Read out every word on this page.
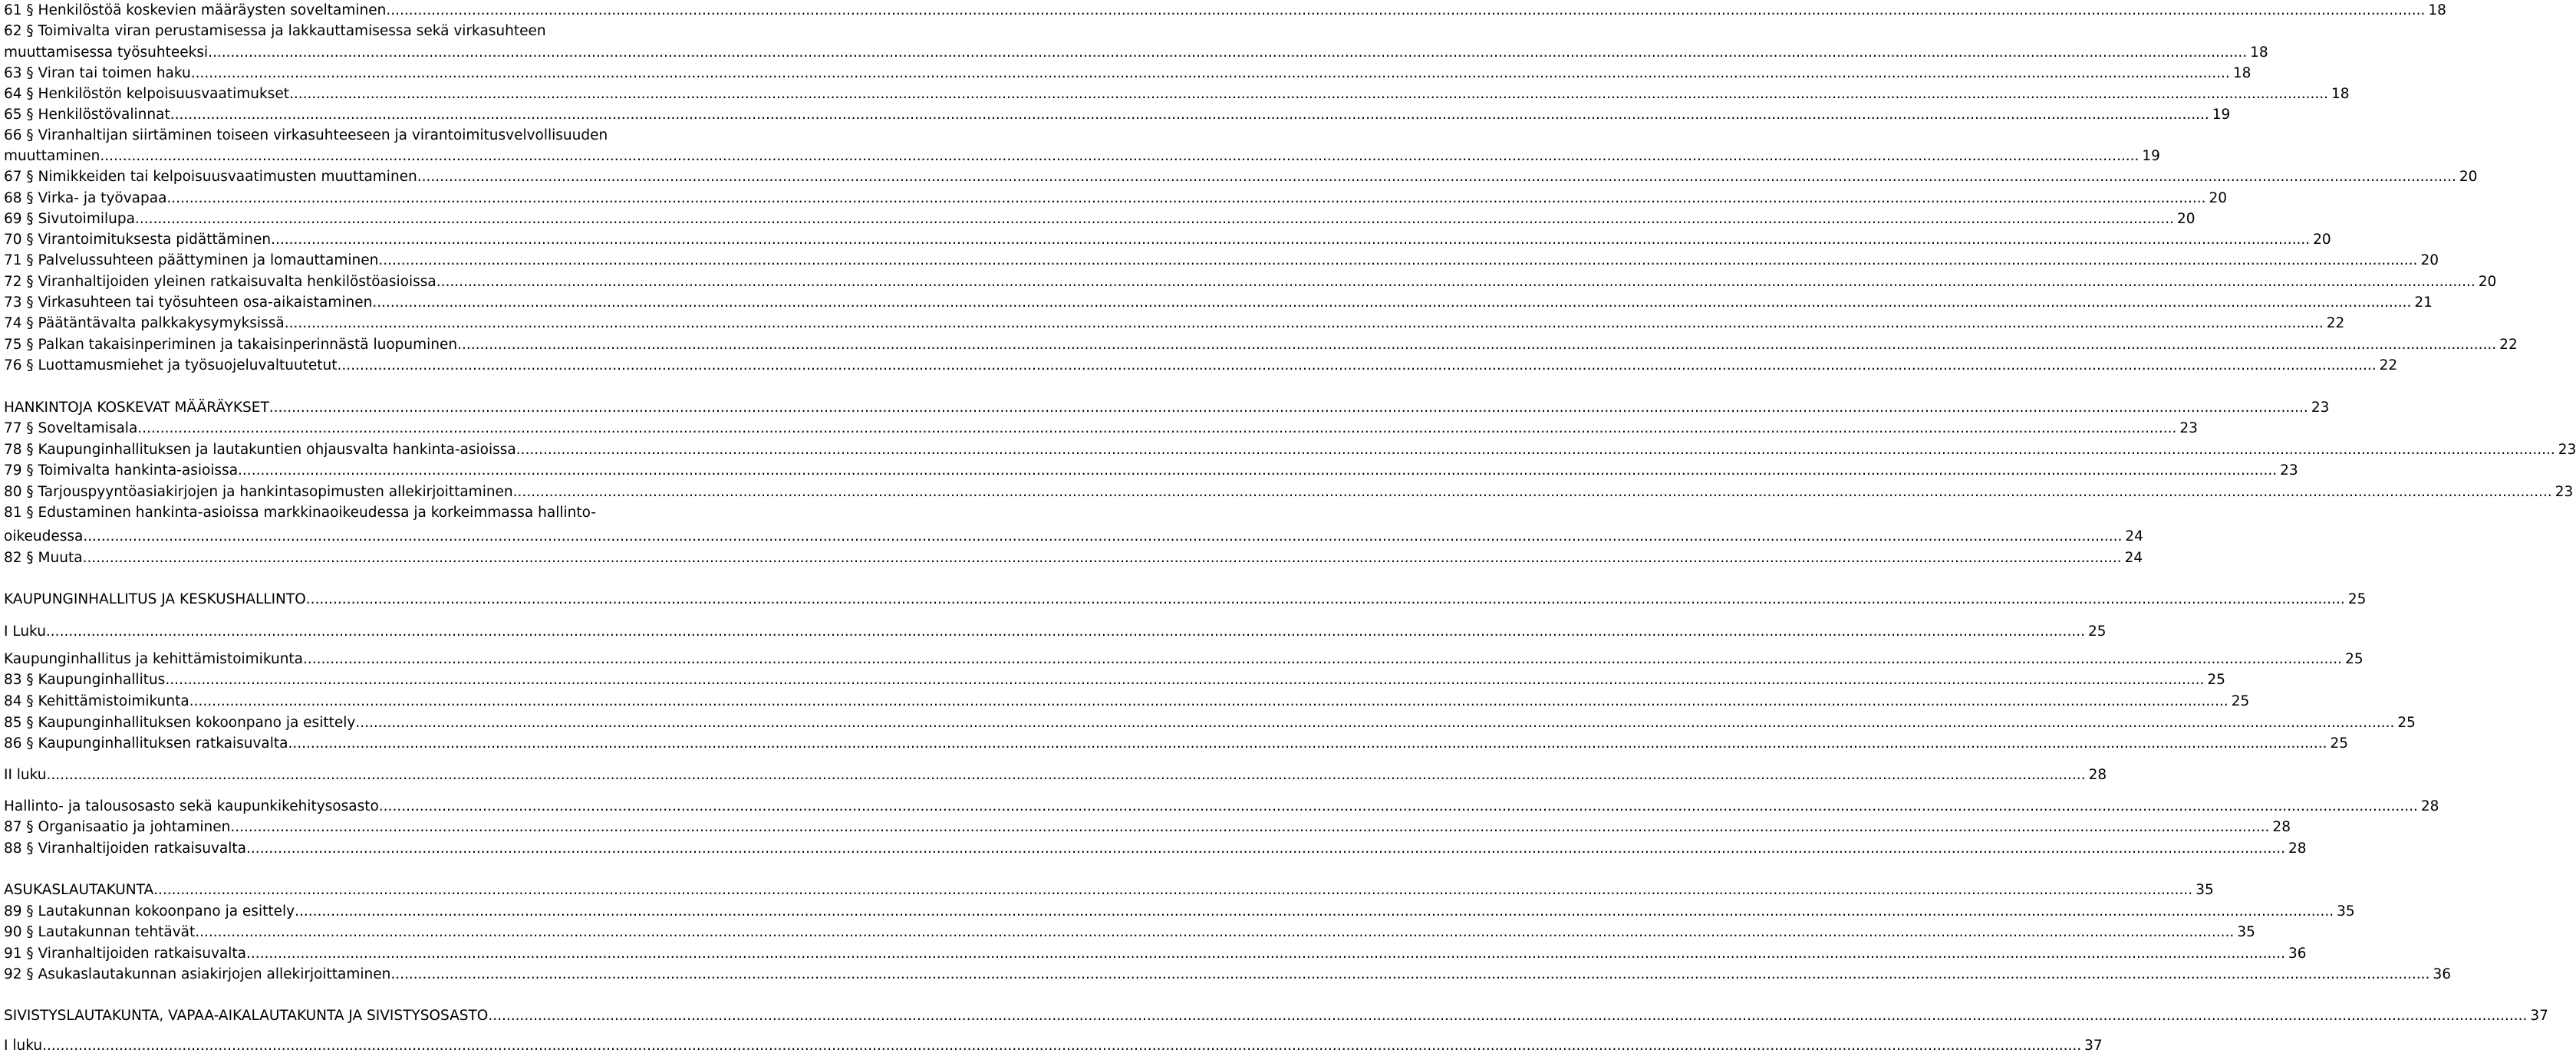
61 § Henkilöstöä koskevien määräysten soveltaminen .....	18
62 § Toimivalta viran perustamisessa ja lakkauttamisessa sekä virkasuhteen
muuttamisessa työsuhteeksi .....	18
63 § Viran tai toimen haku .....	18
64 § Henkilöstön kelpoisuusvaatimukset .....	18
65 § Henkilöstövalinnat .....	19
66 § Viranhaltijan siirtäminen toiseen virkasuhteeseen ja virantoimitusvelvollisuuden
muuttaminen .....	19
67 § Nimikkeiden tai kelpoisuusvaatimusten muuttaminen .....	20
68 § Virka- ja työvapaa .....	20
69 § Sivutoimilupa .....	20
70 § Virantoimituksesta pidättäminen .....	20
71 § Palvelussuhteen päättyminen ja lomauttaminen .....	20
72 § Viranhaltijoiden yleinen ratkaisuvalta henkilöstöasioissa .....	20
73 § Virkasuhteen tai työsuhteen osa-aikaistaminen .....	21
74 § Päätäntävalta palkkakysymyksissä .....	22
75 § Palkan takaisinperiminen ja takaisinperinnästä luopuminen .....	22
76 § Luottamusmiehet ja työsuojeluvaltuutetut .....	22
HANKINTOJA KOSKEVAT MÄÄRÄYKSET .....	23
77 § Soveltamisala .....	23
78 § Kaupunginhallituksen ja lautakuntien ohjausvalta hankinta-asioissa .....	23
79 § Toimivalta hankinta-asioissa .....	23
80 § Tarjouspyyntöasiakirjojen ja hankintasopimusten allekirjoittaminen .....	23
81 § Edustaminen hankinta-asioissa markkinaoikeudessa ja korkeimmassa hallinto-
oikeudessa .....	24
82 § Muuta .....	24
KAUPUNGINHALLITUS JA KESKUSHALLINTO .....	25
I Luku .....	25
Kaupunginhallitus ja kehittämistoimikunta .....	25
83 § Kaupunginhallitus .....	25
84 § Kehittämistoimikunta .....	25
85 § Kaupunginhallituksen kokoonpano ja esittely .....	25
86 § Kaupunginhallituksen ratkaisuvalta .....	25
II luku .....	28
Hallinto- ja talousosasto sekä kaupunkikehitysosasto .....	28
87 § Organisaatio ja johtaminen .....	28
88 § Viranhaltijoiden ratkaisuvalta .....	28
ASUKASLAUTAKUNTA .....	35
89 § Lautakunnan kokoonpano ja esittely .....	35
90 § Lautakunnan tehtävät .....	35
91 § Viranhaltijoiden ratkaisuvalta .....	36
92 § Asukaslautakunnan asiakirjojen allekirjoittaminen .....	36
SIVISTYSLAUTAKUNTA, VAPAA-AIKALAUTAKUNTA JA SIVISTYSOSASTO .....	37
I luku .....	37
